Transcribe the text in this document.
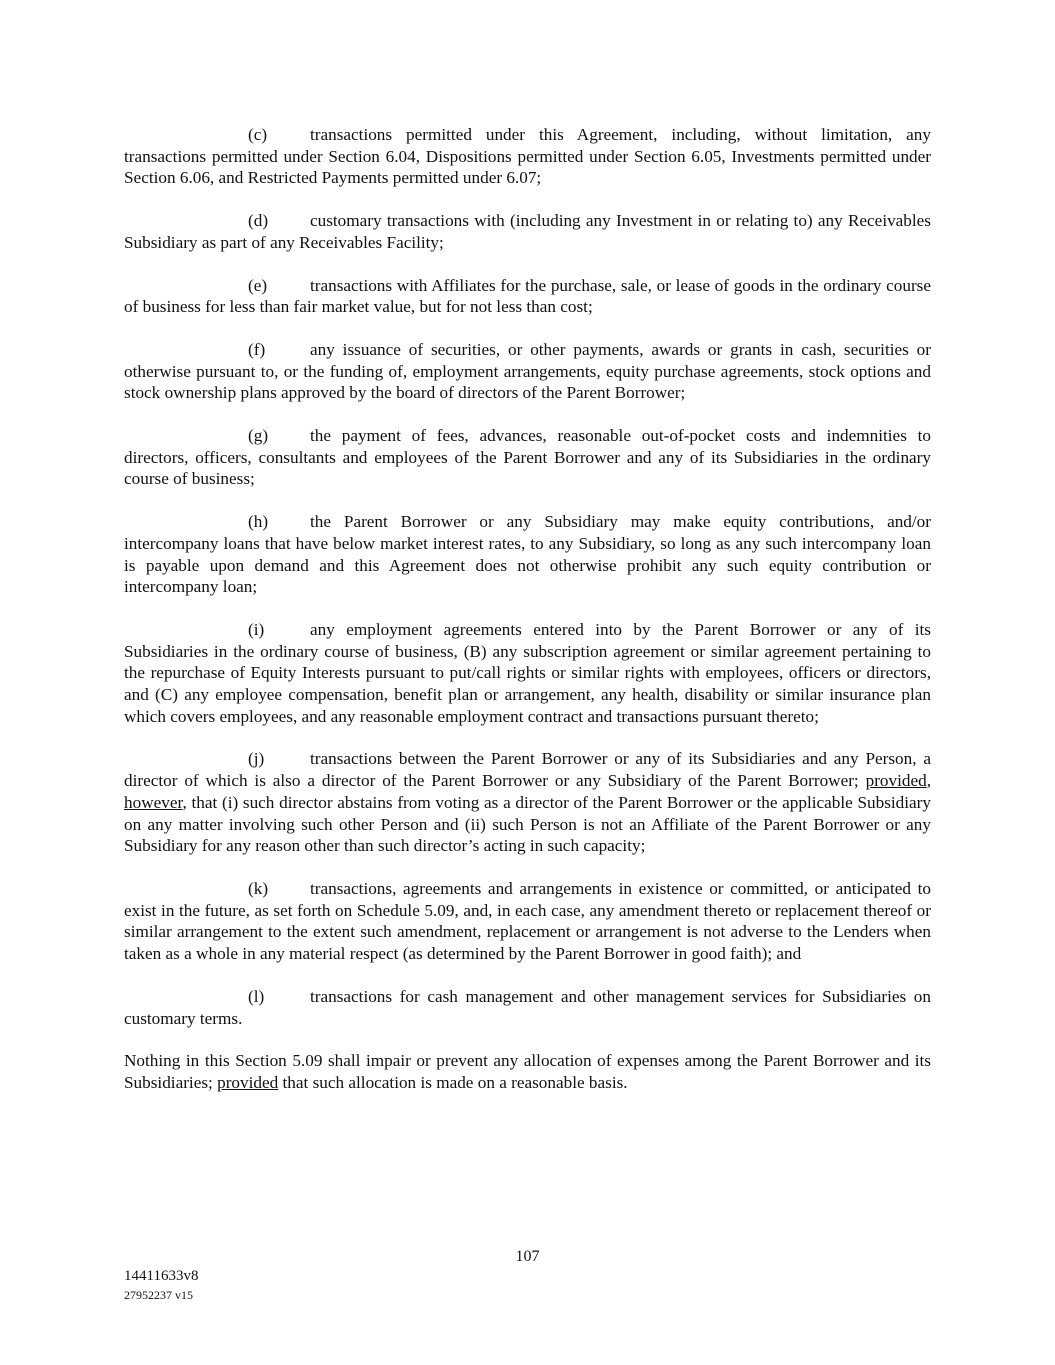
(c) transactions permitted under this Agreement, including, without limitation, any transactions permitted under Section 6.04, Dispositions permitted under Section 6.05, Investments permitted under Section 6.06, and Restricted Payments permitted under 6.07;

(d) customary transactions with (including any Investment in or relating to) any Receivables Subsidiary as part of any Receivables Facility;

(e) transactions with Affiliates for the purchase, sale, or lease of goods in the ordinary course of business for less than fair market value, but for not less than cost;

(f)	any issuance of securities, or other payments, awards or grants in cash, securities or otherwise pursuant to, or the funding of, employment arrangements, equity purchase agreements, stock options and stock ownership plans approved by the board of directors of the Parent Borrower;

(g) the payment of fees, advances, reasonable out-of-pocket costs and indemnities to directors, officers, consultants and employees of the Parent Borrower and any of its Subsidiaries in the ordinary course of business;

(h) the Parent Borrower or any Subsidiary may make equity contributions, and/or intercompany loans that have below market interest rates, to any Subsidiary, so long as any such intercompany loan is payable upon demand and this Agreement does not otherwise prohibit any such equity contribution or intercompany loan;

(i)	any employment agreements entered into by the Parent Borrower or any of its Subsidiaries in the ordinary course of business, (B) any subscription agreement or similar agreement pertaining to the repurchase of Equity Interests pursuant to put/call rights or similar rights with employees, officers or directors, and (C) any employee compensation, benefit plan or arrangement, any health, disability or similar insurance plan which covers employees, and any reasonable employment contract and transactions pursuant thereto;

(j)	transactions between the Parent Borrower or any of its Subsidiaries and any Person, a director of which is also a director of the Parent Borrower or any Subsidiary of the Parent Borrower; provided, however, that (i) such director abstains from voting as a director of the Parent Borrower or the applicable Subsidiary on any matter involving such other Person and (ii) such Person is not an Affiliate of the Parent Borrower or any Subsidiary for any reason other than such director’s acting in such capacity;

(k) transactions, agreements and arrangements in existence or committed, or anticipated to exist in the future, as set forth on Schedule 5.09, and, in each case, any amendment thereto or replacement thereof or similar arrangement to the extent such amendment, replacement or arrangement is not adverse to the Lenders when taken as a whole in any material respect (as determined by the Parent Borrower in good faith); and

(l)	transactions for cash management and other management services for Subsidiaries on customary terms.

Nothing in this Section 5.09 shall impair or prevent any allocation of expenses among the Parent Borrower and its Subsidiaries; provided that such allocation is made on a reasonable basis.

107
14411633v8
27952237 v15
